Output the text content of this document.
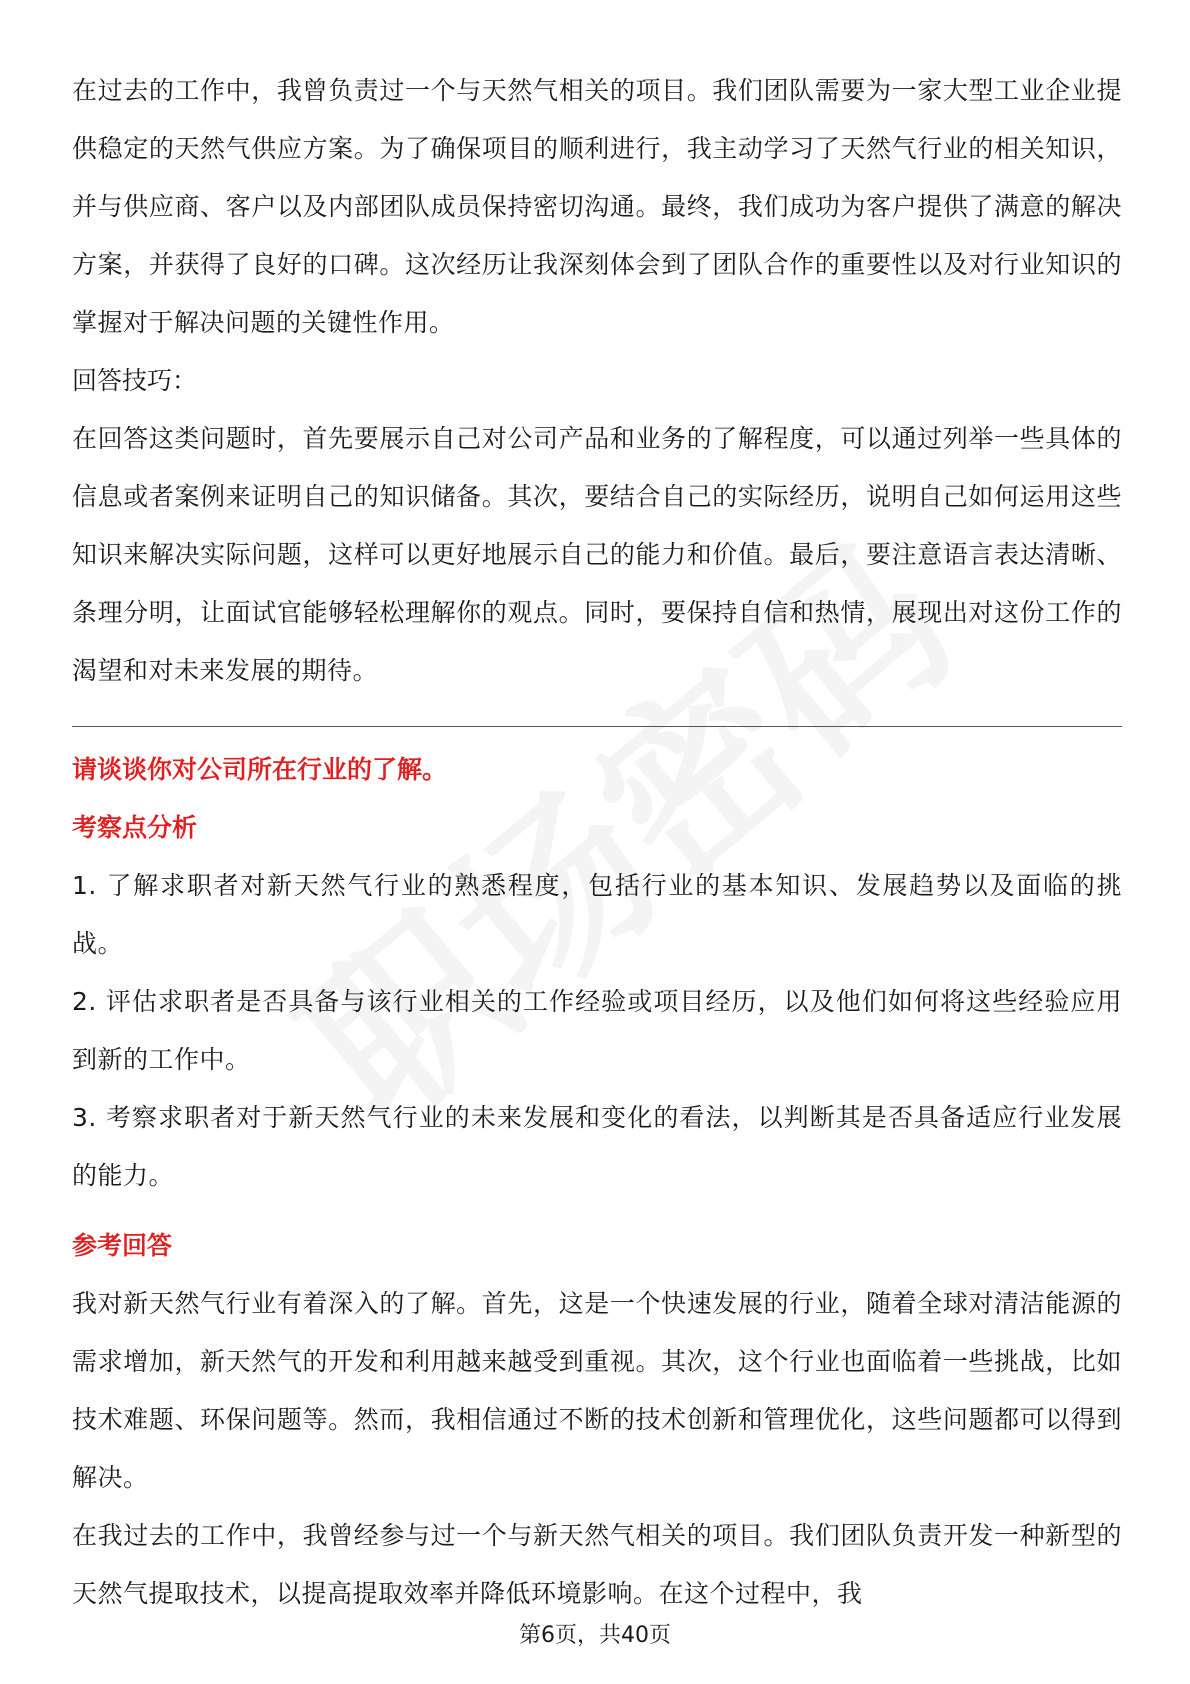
在过去的工作中，我曾负责过一个与天然气相关的项目。我们团队需要为一家大型工业企业提供稳定的天然气供应方案。为了确保项目的顺利进行，我主动学习了天然气行业的相关知识，并与供应商、客户以及内部团队成员保持密切沟通。最终，我们成功为客户提供了满意的解决方案，并获得了良好的口碑。这次经历让我深刻体会到了团队合作的重要性以及对行业知识的掌握对于解决问题的关键性作用。

回答技巧：

在回答这类问题时，首先要展示自己对公司产品和业务的了解程度，可以通过列举一些具体的信息或者案例来证明自己的知识储备。其次，要结合自己的实际经历，说明自己如何运用这些知识来解决实际问题，这样可以更好地展示自己的能力和价值。最后，要注意语言表达清晰、条理分明，让面试官能够轻松理解你的观点。同时，要保持自信和热情，展现出对这份工作的渴望和对未来发展的期待。

请谈谈你对公司所在行业的了解。

考察点分析

1. 了解求职者对新天然气行业的熟悉程度，包括行业的基本知识、发展趋势以及面临的挑战。

2. 评估求职者是否具备与该行业相关的工作经验或项目经历，以及他们如何将这些经验应用到新的工作中。

3. 考察求职者对于新天然气行业的未来发展和变化的看法，以判断其是否具备适应行业发展的能力。

参考回答

我对新天然气行业有着深入的了解。首先，这是一个快速发展的行业，随着全球对清洁能源的需求增加，新天然气的开发和利用越来越受到重视。其次，这个行业也面临着一些挑战，比如技术难题、环保问题等。然而，我相信通过不断的技术创新和管理优化，这些问题都可以得到解决。

在我过去的工作中，我曾经参与过一个与新天然气相关的项目。我们团队负责开发一种新型的天然气提取技术，以提高提取效率并降低环境影响。在这个过程中，我

第6页，共40页
